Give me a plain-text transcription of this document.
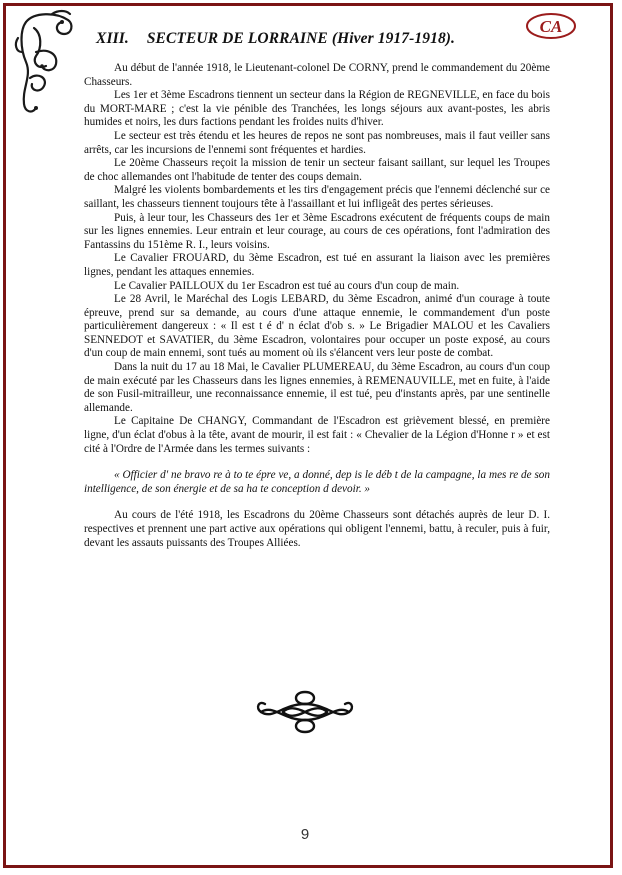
CA
XIII. SECTEUR DE LORRAINE (Hiver 1917-1918).

Au début de l'année 1918, le Lieutenant-colonel De CORNY, prend le commandement du 20ème Chasseurs.

Les 1er et 3ème Escadrons tiennent un secteur dans la Région de REGNEVILLE, en face du bois du MORT-MARE ; c'est la vie pénible des Tranchées, les longs séjours aux avant-postes, les abris humides et noirs, les durs factions pendant les froides nuits d'hiver.

Le secteur est très étendu et les heures de repos ne sont pas nombreuses, mais il faut veiller sans arrêts, car les incursions de l'ennemi sont fréquentes et hardies.

Le 20ème Chasseurs reçoit la mission de tenir un secteur faisant saillant, sur lequel les Troupes de choc allemandes ont l'habitude de tenter des coups demain.

Malgré les violents bombardements et les tirs d'engagement précis que l'ennemi déclenché sur ce saillant, les chasseurs tiennent toujours tête à l'assaillant et lui infligeât des pertes sérieuses.

Puis, à leur tour, les Chasseurs des 1er et 3ème Escadrons exécutent de fréquents coups de main sur les lignes ennemies. Leur entrain et leur courage, au cours de ces opérations, font l'admiration des Fantassins du 151ème R. I., leurs voisins.

Le Cavalier FROUARD, du 3ème Escadron, est tué en assurant la liaison avec les premières lignes, pendant les attaques ennemies.

Le Cavalier PAILLOUX du 1er Escadron est tué au cours d'un coup de main.

Le 28 Avril, le Maréchal des Logis LEBARD, du 3ème Escadron, animé d'un courage à toute épreuve, prend sur sa demande, au cours d'une attaque ennemie, le commandement d'un poste particulièrement dangereux : « Il est t é d' n éclat d'ob s. » Le Brigadier MALOU et les Cavaliers SENNEDOT et SAVATIER, du 3ème Escadron, volontaires pour occuper un poste exposé, au cours d'un coup de main ennemi, sont tués au moment où ils s'élancent vers leur poste de combat.

Dans la nuit du 17 au 18 Mai, le Cavalier PLUMEREAU, du 3ème Escadron, au cours d'un coup de main exécuté par les Chasseurs dans les lignes ennemies, à REMENAUVILLE, met en fuite, à l'aide de son Fusil-mitrailleur, une reconnaissance ennemie, il est tué, peu d'instants après, par une sentinelle allemande.

Le Capitaine De CHANGY, Commandant de l'Escadron est grièvement blessé, en première ligne, d'un éclat d'obus à la tête, avant de mourir, il est fait : « Chevalier de la Légion d'Honne r » et est cité à l'Ordre de l'Armée dans les termes suivants :

« Officier d' ne bravo re à to te épre ve, a donné, dep is le déb t de la campagne, la mes re de son intelligence, de son énergie et de sa ha te conception d devoir. »

Au cours de l'été 1918, les Escadrons du 20ème Chasseurs sont détachés auprès de leur D. I. respectives et prennent une part active aux opérations qui obligent l'ennemi, battu, à reculer, puis à fuir, devant les assauts puissants des Troupes Alliées.

9
